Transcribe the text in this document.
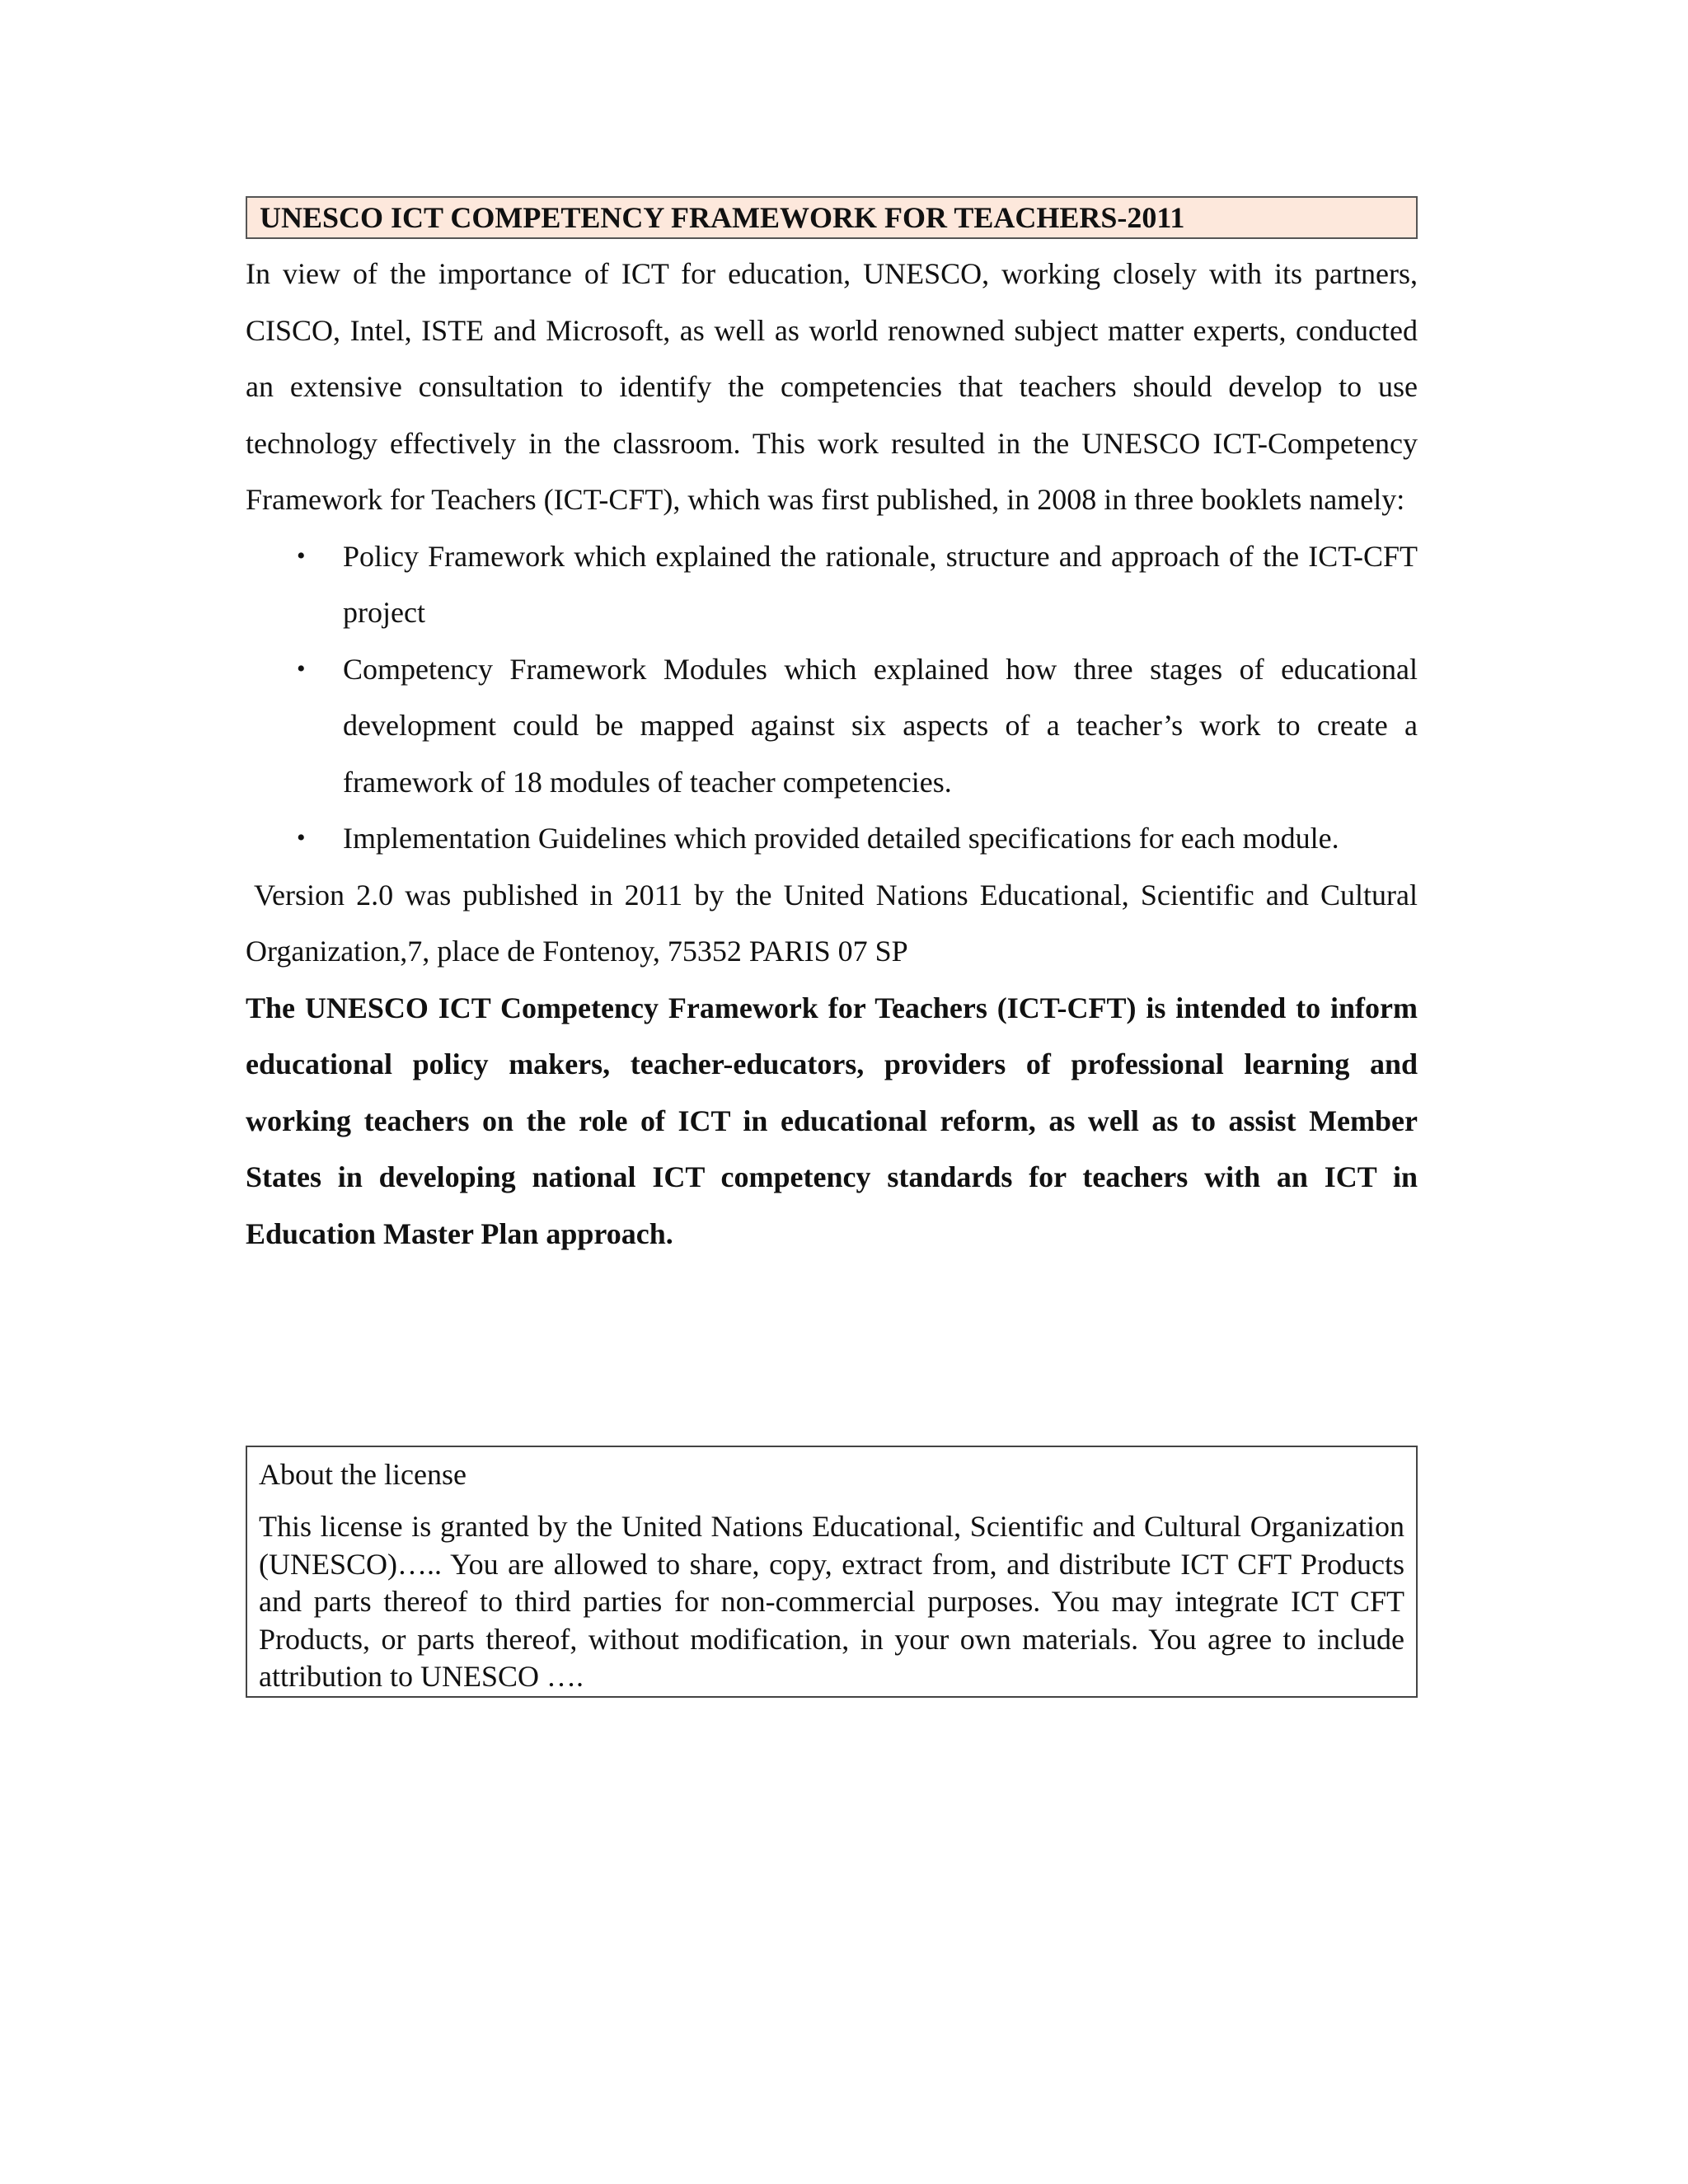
UNESCO ICT COMPETENCY FRAMEWORK FOR TEACHERS-2011

In view of the importance of ICT for education, UNESCO, working closely with its partners, CISCO, Intel, ISTE and Microsoft, as well as world renowned subject matter experts, conducted an extensive consultation to identify the competencies that teachers should develop to use technology effectively in the classroom. This work resulted in the UNESCO ICT-Competency Framework for Teachers (ICT-CFT), which was first published, in 2008 in three booklets namely:

• Policy Framework which explained the rationale, structure and approach of the ICT-CFT project
• Competency Framework Modules which explained how three stages of educational development could be mapped against six aspects of a teacher’s work to create a framework of 18 modules of teacher competencies.
• Implementation Guidelines which provided detailed specifications for each module.

Version 2.0 was published in 2011 by the United Nations Educational, Scientific and Cultural Organization,7, place de Fontenoy, 75352 PARIS 07 SP

The UNESCO ICT Competency Framework for Teachers (ICT-CFT) is intended to inform educational policy makers, teacher-educators, providers of professional learning and working teachers on the role of ICT in educational reform, as well as to assist Member States in developing national ICT competency standards for teachers with an ICT in Education Master Plan approach.

About the license

This license is granted by the United Nations Educational, Scientific and Cultural Organization (UNESCO)….. You are allowed to share, copy, extract from, and distribute ICT CFT Products and parts thereof to third parties for non-commercial purposes. You may integrate ICT CFT Products, or parts thereof, without modification, in your own materials. You agree to include attribution to UNESCO ….
